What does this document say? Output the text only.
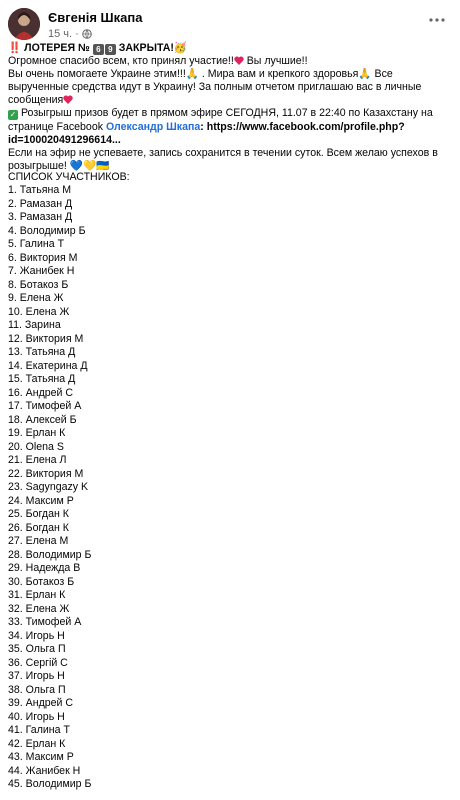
Євгенія Шкапа
15 ч. ·

‼️ ЛОТЕРЕЯ № 6 9 ЗАКРЫТА!🥳

Огромное спасибо всем, кто принял участие!! Вы лучшие!!

Вы очень помогаете Украине этим!!!🙏 . Мира вам и крепкого здоровья🙏 Все вырученные средства идут в Украину! За полным отчетом приглашаю вас в личные сообщения

✓ Розыгрыш призов будет в прямом эфире СЕГОДНЯ, 11.07 в 22:40 по Казахстану на странице Facebook Олександр Шкапа: https://www.facebook.com/profile.php?id=100020491296614...

Если на эфир не успеваете, запись сохранится в течении суток. Всем желаю успехов в розыгрыше! 💙💛🇺🇦

СПИСОК УЧАСТНИКОВ:
1. Татьяна М
2. Рамазан Д
3. Рамазан Д
4. Володимир Б
5. Галина Т
6. Виктория М
7. Жанибек Н
8. Ботакоз Б
9. Елена Ж
10. Елена Ж
11. Зарина
12. Виктория М
13. Татьяна Д
14. Екатерина Д
15. Татьяна Д
16. Андрей С
17. Тимофей А
18. Алексей Б
19. Ерлан К
20. Olena S
21. Елена Л
22. Виктория М
23. Sagyngazy K
24. Максим Р
25. Богдан К
26. Богдан К
27. Елена М
28. Володимир Б
29. Надежда В
30. Ботакоз Б
31. Ерлан К
32. Елена Ж
33. Тимофей А
34. Игорь Н
35. Ольга П
36. Сергій С
37. Игорь Н
38. Ольга П
39. Андрей С
40. Игорь Н
41. Галина Т
42. Ерлан К
43. Максим Р
44. Жанибек Н
45. Володимир Б
